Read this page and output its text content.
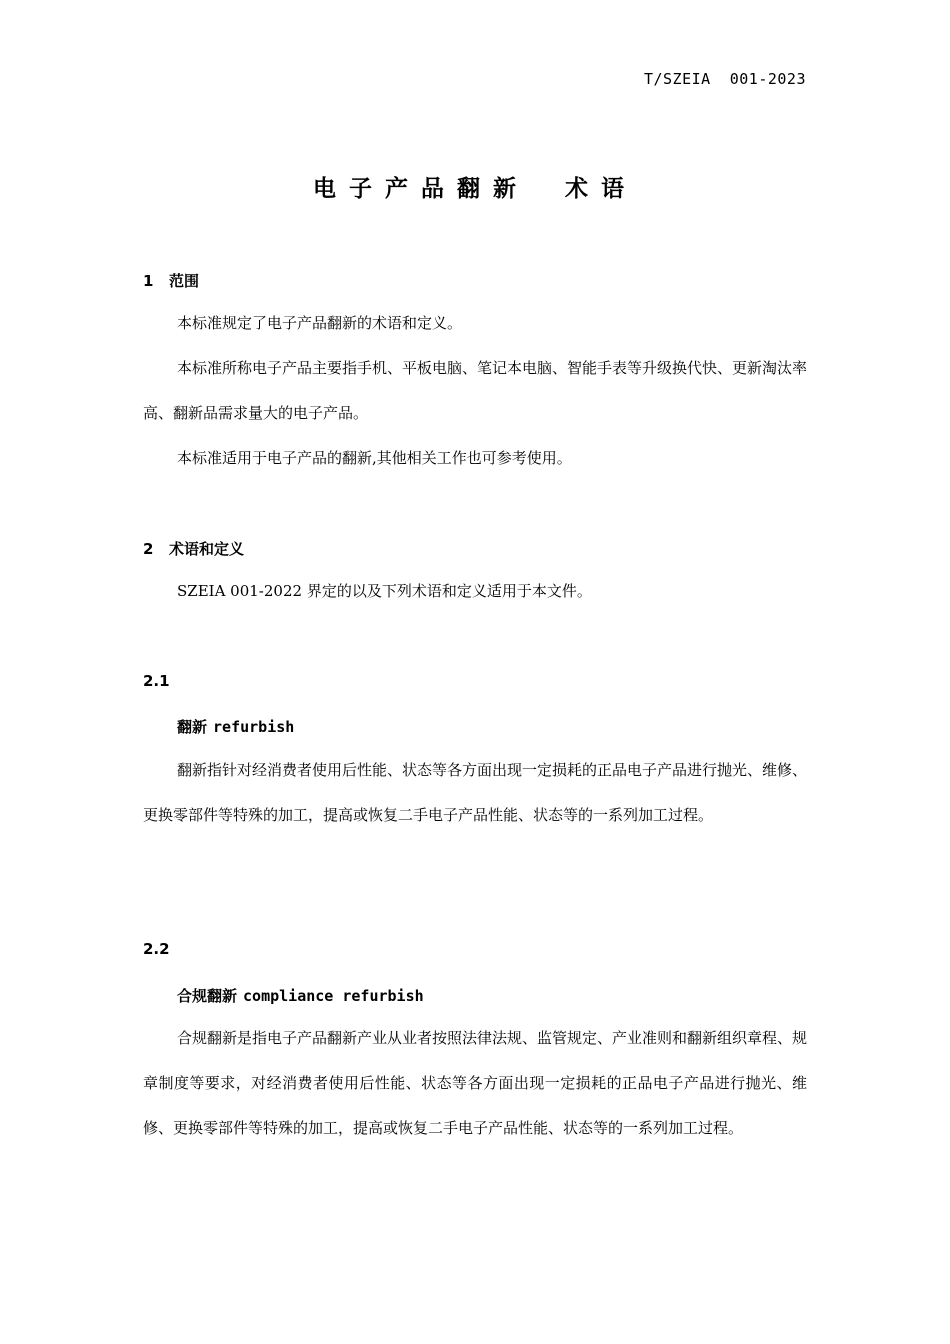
T/SZEIA  001-2023
电子产品翻新　术语
1 范围
本标准规定了电子产品翻新的术语和定义。
本标准所称电子产品主要指手机、平板电脑、笔记本电脑、智能手表等升级换代快、更新淘汰率高、翻新品需求量大的电子产品。
本标准适用于电子产品的翻新,其他相关工作也可参考使用。
2 术语和定义
SZEIA 001-2022 界定的以及下列术语和定义适用于本文件。
2.1
翻新 refurbish
翻新指针对经消费者使用后性能、状态等各方面出现一定损耗的正品电子产品进行抛光、维修、更换零部件等特殊的加工，提高或恢复二手电子产品性能、状态等的一系列加工过程。
2.2
合规翻新 compliance refurbish
合规翻新是指电子产品翻新产业从业者按照法律法规、监管规定、产业准则和翻新组织章程、规章制度等要求，对经消费者使用后性能、状态等各方面出现一定损耗的正品电子产品进行抛光、维修、更换零部件等特殊的加工，提高或恢复二手电子产品性能、状态等的一系列加工过程。
